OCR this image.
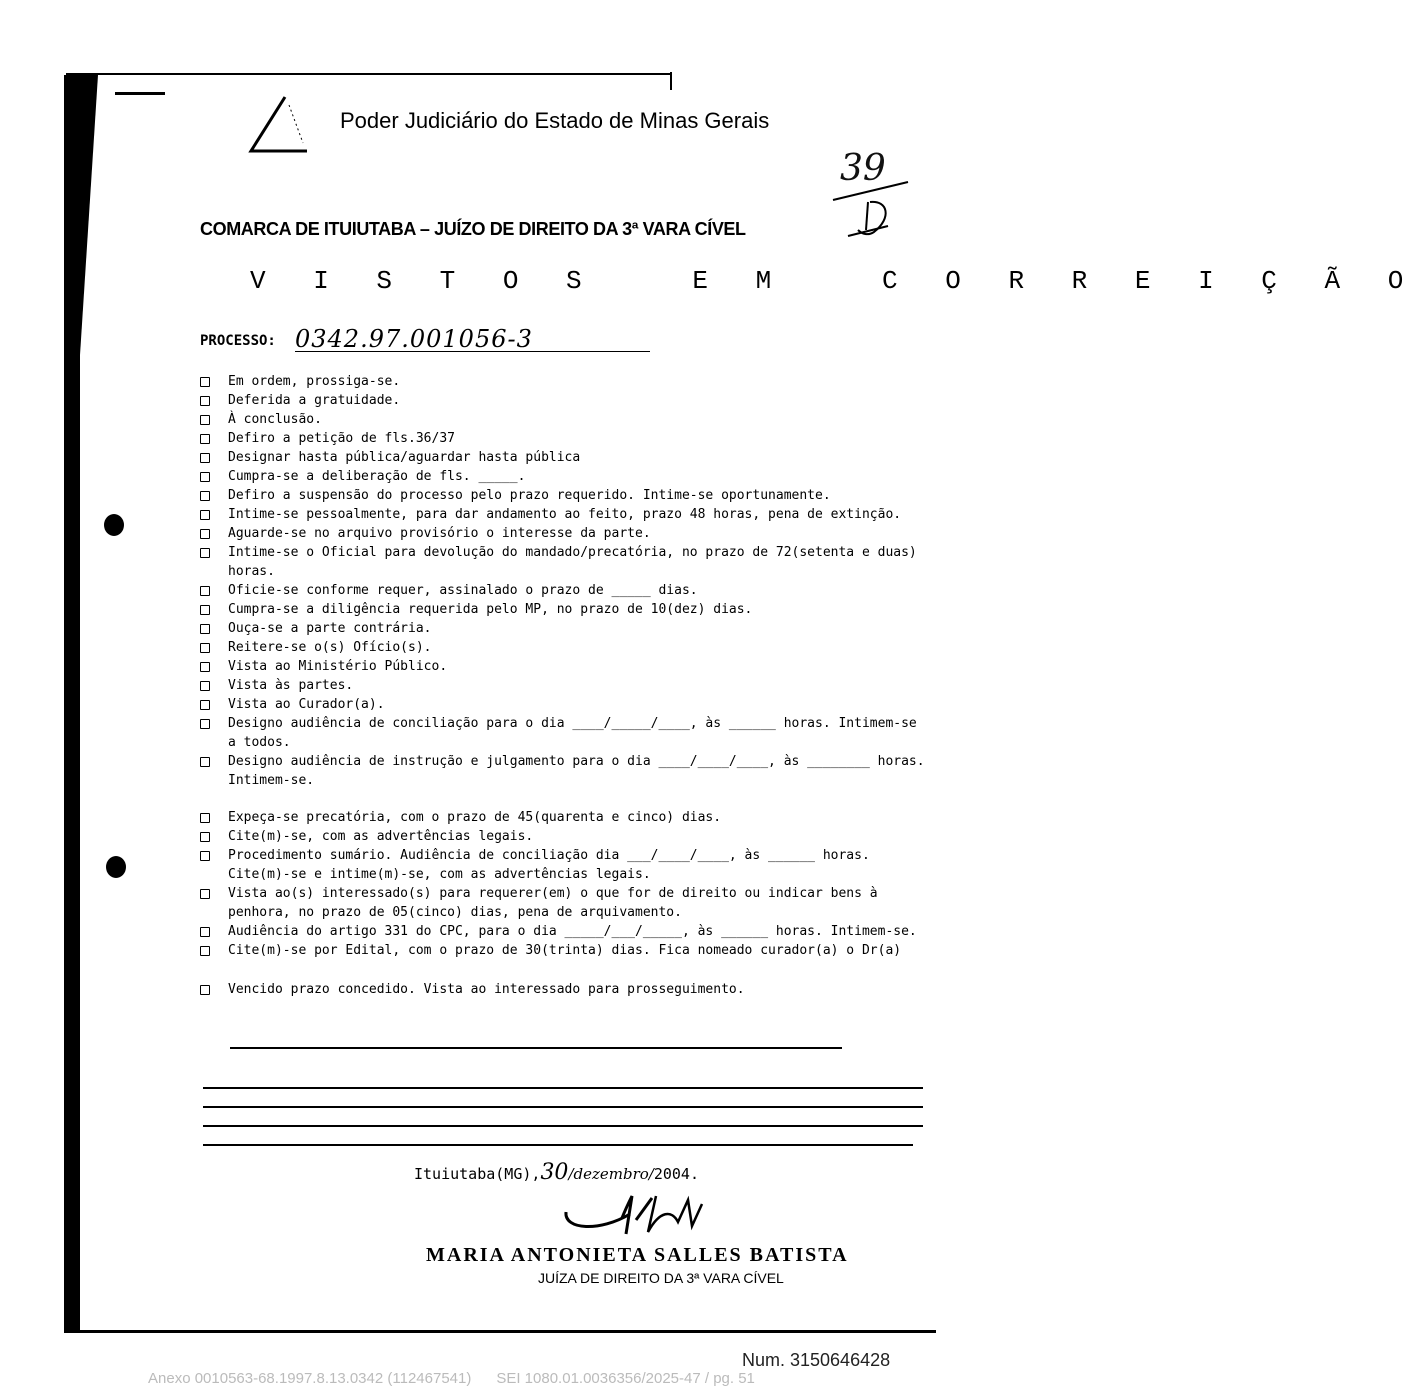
Poder Judiciário do Estado de Minas Gerais
39
COMARCA DE ITUIUTABA – JUÍZO DE DIREITO DA 3ª VARA CÍVEL
V I S T O S   E M   C O R R E I Ç Ã O
PROCESSO: 0342.97.001056-3
Em ordem, prossiga-se.
Deferida a gratuidade.
À conclusão.
Defiro a petição de fls.36/37
Designar hasta pública/aguardar hasta pública
Cumpra-se a deliberação de fls. _____.
Defiro a suspensão do processo pelo prazo requerido. Intime-se oportunamente.
Intime-se pessoalmente, para dar andamento ao feito, prazo 48 horas, pena de extinção.
Aguarde-se no arquivo provisório o interesse da parte.
Intime-se o Oficial para devolução do mandado/precatória, no prazo de 72(setenta e duas) horas.
Oficie-se conforme requer, assinalado o prazo de _____ dias.
Cumpra-se a diligência requerida pelo MP, no prazo de 10(dez) dias.
Ouça-se a parte contrária.
Reitere-se o(s) Ofício(s).
Vista ao Ministério Público.
Vista às partes.
Vista ao Curador(a).
Designo audiência de conciliação para o dia ____/_____/____, às ______ horas. Intimem-se a todos.
Designo audiência de instrução e julgamento para o dia ____/____/____, às ________ horas. Intimem-se.
Expeça-se precatória, com o prazo de 45(quarenta e cinco) dias.
Cite(m)-se, com as advertências legais.
Procedimento sumário. Audiência de conciliação dia ___/____/____, às ______ horas. Cite(m)-se e intime(m)-se, com as advertências legais.
Vista ao(s) interessado(s) para requerer(em) o que for de direito ou indicar bens à penhora, no prazo de 05(cinco) dias, pena de arquivamento.
Audiência do artigo 331 do CPC, para o dia _____/___/_____, às ______ horas. Intimem-se.
Cite(m)-se por Edital, com o prazo de 30(trinta) dias. Fica nomeado curador(a) o Dr(a)
Vencido prazo concedido. Vista ao interessado para prosseguimento.
Ituiutaba(MG),30/dezembro/2004.
MARIA ANTONIETA SALLES BATISTA
JUÍZA DE DIREITO DA 3ª VARA CÍVEL
Num. 3150646428
Anexo 0010563-68.1997.8.13.0342 (112467541)      SEI 1080.01.0036356/2025-47 / pg. 51
